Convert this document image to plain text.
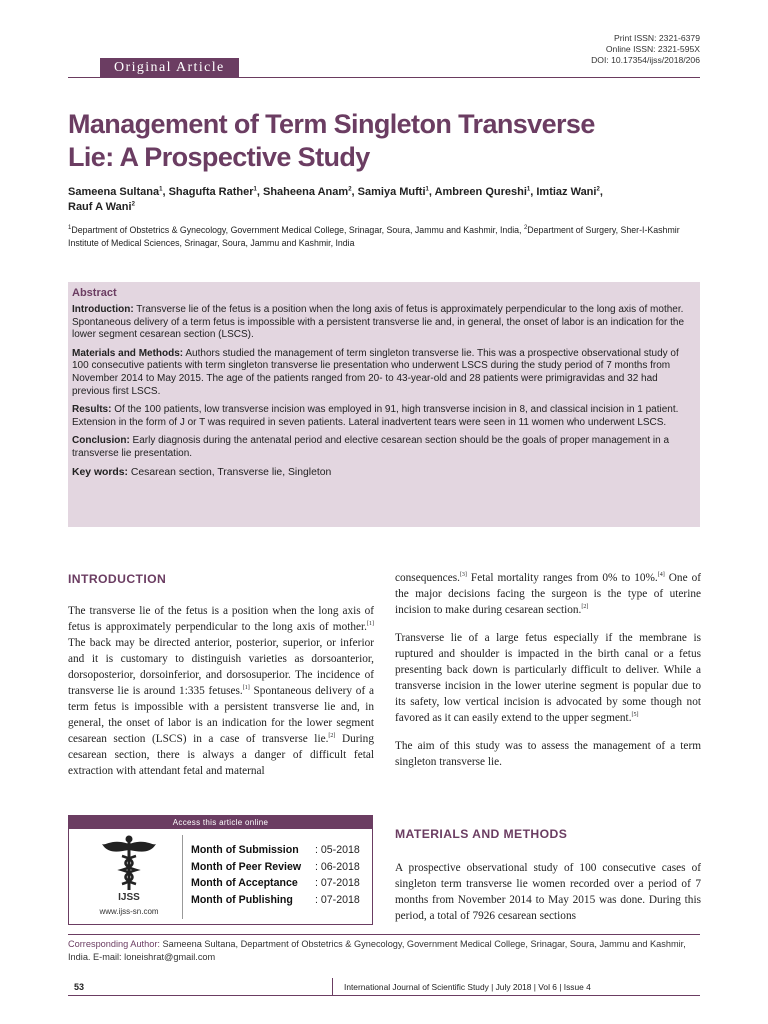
Print ISSN: 2321-6379
Online ISSN: 2321-595X
DOI: 10.17354/ijss/2018/206
Original Article
Management of Term Singleton Transverse
Lie: A Prospective Study
Sameena Sultana$^1$, Shagufta Rather$^1$, Shaheena Anam$^2$, Samiya Mufti$^1$, Ambreen Qureshi$^1$, Imtiaz Wani$^2$,
Rauf A Wani$^2$
$^1$Department of Obstetrics & Gynecology, Government Medical College, Srinagar, Soura, Jammu and Kashmir, India, $^2$Department of Surgery, Sher-I-Kashmir Institute of Medical Sciences, Srinagar, Soura, Jammu and Kashmir, India
Abstract

Introduction: Transverse lie of the fetus is a position when the long axis of fetus is approximately perpendicular to the long axis of mother. Spontaneous delivery of a term fetus is impossible with a persistent transverse lie and, in general, the onset of labor is an indication for the lower segment cesarean section (LSCS).

Materials and Methods: Authors studied the management of term singleton transverse lie. This was a prospective observational study of 100 consecutive patients with term singleton transverse lie presentation who underwent LSCS during the study period of 7 months from November 2014 to May 2015. The age of the patients ranged from 20- to 43-year-old and 28 patients were primigravidas and 32 had previous first LSCS.

Results: Of the 100 patients, low transverse incision was employed in 91, high transverse incision in 8, and classical incision in 1 patient. Extension in the form of J or T was required in seven patients. Lateral inadvertent tears were seen in 11 women who underwent LSCS.

Conclusion: Early diagnosis during the antenatal period and elective cesarean section should be the goals of proper management in a transverse lie presentation.

Key words: Cesarean section, Transverse lie, Singleton
INTRODUCTION

The transverse lie of the fetus is a position when the long axis of fetus is approximately perpendicular to the long axis of mother.[1] The back may be directed anterior, posterior, superior, or inferior and it is customary to distinguish varieties as dorsoanterior, dorsoposterior, dorsoinferior, and dorsosuperior. The incidence of transverse lie is around 1:335 fetuses.[1] Spontaneous delivery of a term fetus is impossible with a persistent transverse lie and, in general, the onset of labor is an indication for the lower segment cesarean section (LSCS) in a case of transverse lie.[2] During cesarean section, there is always a danger of difficult fetal extraction with attendant fetal and maternal

consequences.[3] Fetal mortality ranges from 0% to 10%.[4] One of the major decisions facing the surgeon is the type of uterine incision to make during cesarean section.[2]

Transverse lie of a large fetus especially if the membrane is ruptured and shoulder is impacted in the birth canal or a fetus presenting back down is particularly difficult to deliver. While a transverse incision in the lower uterine segment is popular due to its safety, low vertical incision is advocated by some though not favored as it can easily extend to the upper segment.[5]

The aim of this study was to assess the management of a term singleton transverse lie.

MATERIALS AND METHODS

A prospective observational study of 100 consecutive cases of singleton term transverse lie women recorded over a period of 7 months from November 2014 to May 2015 was done. During this period, a total of 7926 cesarean sections

Access this article online
IJSS
www.ijss-sn.com
Month of Submission : 05-2018
Month of Peer Review : 06-2018
Month of Acceptance : 07-2018
Month of Publishing : 07-2018
Corresponding Author: Sameena Sultana, Department of Obstetrics & Gynecology, Government Medical College, Srinagar, Soura, Jammu and Kashmir, India. E-mail: loneishrat@gmail.com
53	International Journal of Scientific Study | July 2018 | Vol 6 | Issue 4
